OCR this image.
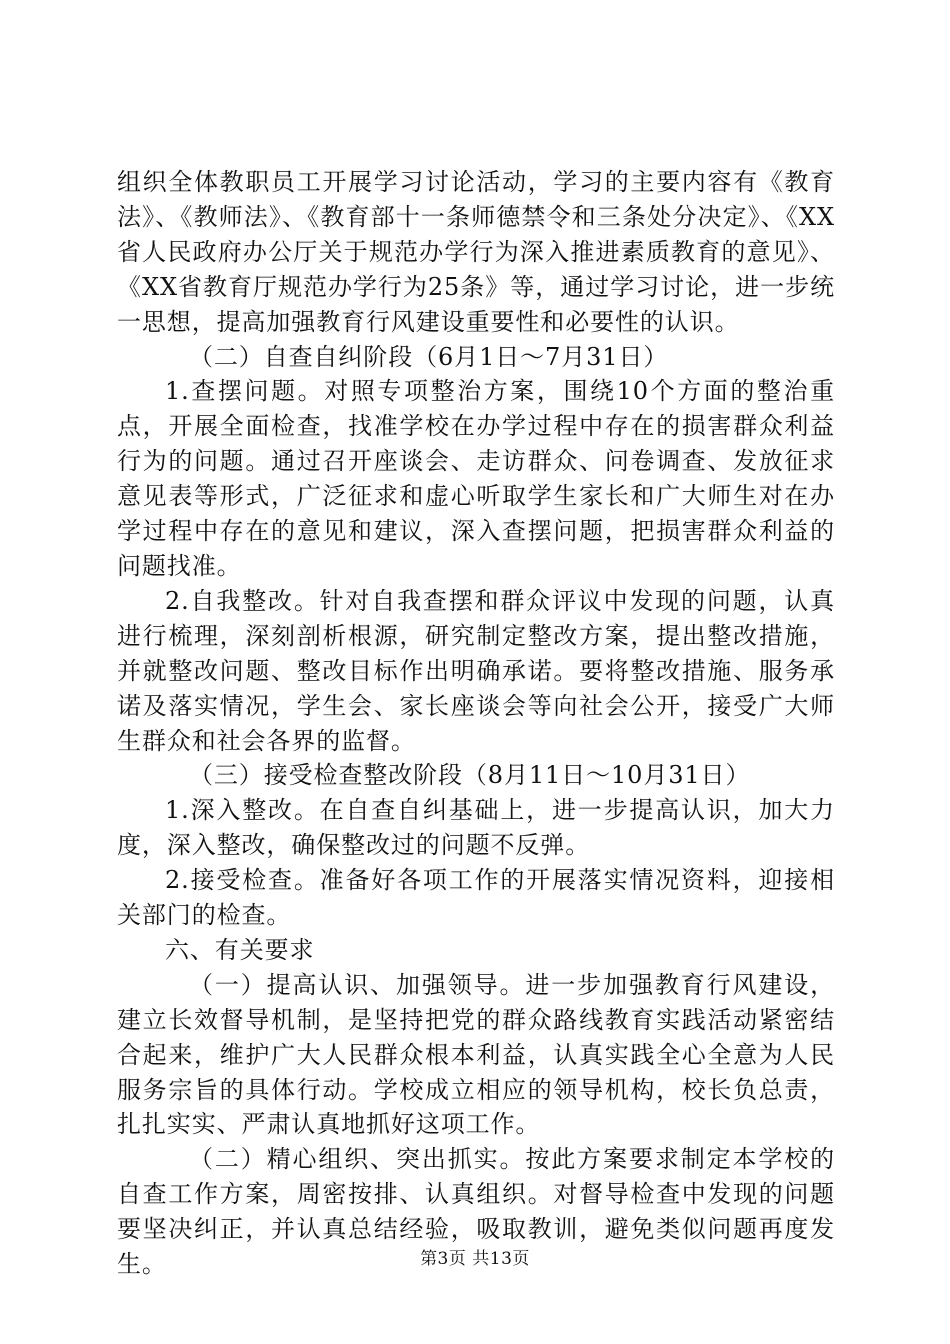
组织全体教职员工开展学习讨论活动，学习的主要内容有《教育法》、《教师法》、《教育部十一条师德禁令和三条处分决定》、《XX省人民政府办公厅关于规范办学行为深入推进素质教育的意见》、《XX省教育厅规范办学行为25条》等，通过学习讨论，进一步统一思想，提高加强教育行风建设重要性和必要性的认识。

（二）自查自纠阶段（6月1日～7月31日）

1.查摆问题。对照专项整治方案，围绕10个方面的整治重点，开展全面检查，找准学校在办学过程中存在的损害群众利益行为的问题。通过召开座谈会、走访群众、问卷调查、发放征求意见表等形式，广泛征求和虚心听取学生家长和广大师生对在办学过程中存在的意见和建议，深入查摆问题，把损害群众利益的问题找准。

2.自我整改。针对自我查摆和群众评议中发现的问题，认真进行梳理，深刻剖析根源，研究制定整改方案，提出整改措施，并就整改问题、整改目标作出明确承诺。要将整改措施、服务承诺及落实情况，学生会、家长座谈会等向社会公开，接受广大师生群众和社会各界的监督。

（三）接受检查整改阶段（8月11日～10月31日）

1.深入整改。在自查自纠基础上，进一步提高认识，加大力度，深入整改，确保整改过的问题不反弹。

2.接受检查。准备好各项工作的开展落实情况资料，迎接相关部门的检查。

六、有关要求

（一）提高认识、加强领导。进一步加强教育行风建设，建立长效督导机制，是坚持把党的群众路线教育实践活动紧密结合起来，维护广大人民群众根本利益，认真实践全心全意为人民服务宗旨的具体行动。学校成立相应的领导机构，校长负总责，扎扎实实、严肃认真地抓好这项工作。

（二）精心组织、突出抓实。按此方案要求制定本学校的自查工作方案，周密按排、认真组织。对督导检查中发现的问题要坚决纠正，并认真总结经验，吸取教训，避免类似问题再度发生。	第3页 共13页
